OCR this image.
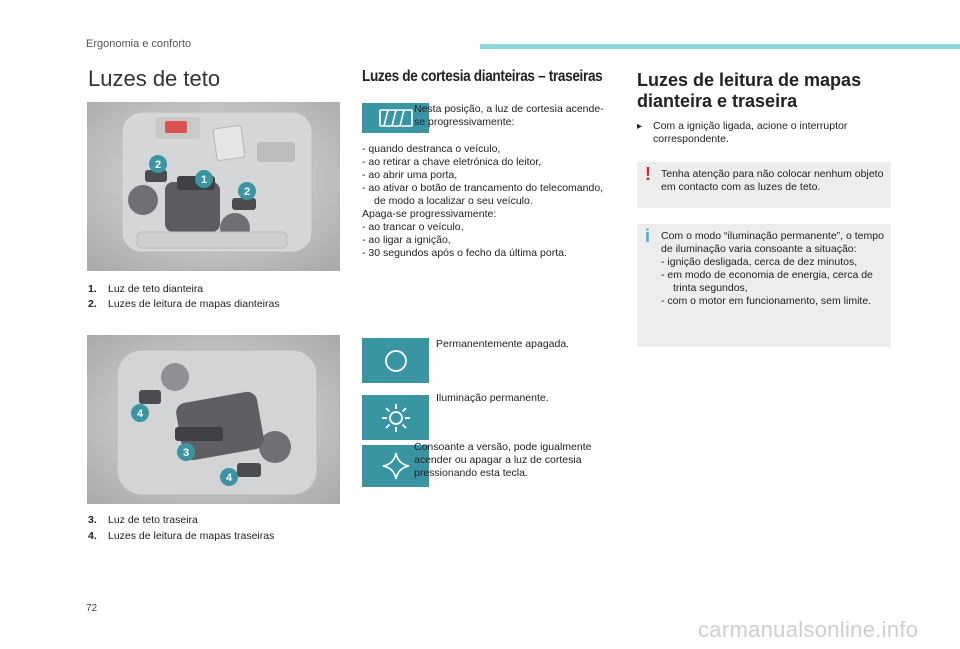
Ergonomia e conforto
Luzes de teto
2
1
2
1. Luz de teto dianteira
2. Luzes de leitura de mapas dianteiras
4
3
4
3. Luz de teto traseira
4. Luzes de leitura de mapas traseiras
Luzes de cortesia dianteiras – traseiras
Nesta posição, a luz de cortesia acende-se progressivamente:
- quando destranca o veículo,
- ao retirar a chave eletrónica do leitor,
- ao abrir uma porta,
- ao ativar o botão de trancamento do telecomando, de modo a localizar o seu veículo.
Apaga-se progressivamente:
- ao trancar o veículo,
- ao ligar a ignição,
- 30 segundos após o fecho da última porta.
Permanentemente apagada.
Iluminação permanente.
Consoante a versão, pode igualmente acender ou apagar a luz de cortesia pressionando esta tecla.
Luzes de leitura de mapas dianteira e traseira
▸ Com a ignição ligada, acione o interruptor correspondente.
! Tenha atenção para não colocar nenhum objeto em contacto com as luzes de teto.
i Com o modo “iluminação permanente”, o tempo de iluminação varia consoante a situação:
- ignição desligada, cerca de dez minutos,
- em modo de economia de energia, cerca de trinta segundos,
- com o motor em funcionamento, sem limite.
72
carmanualsonline.info
